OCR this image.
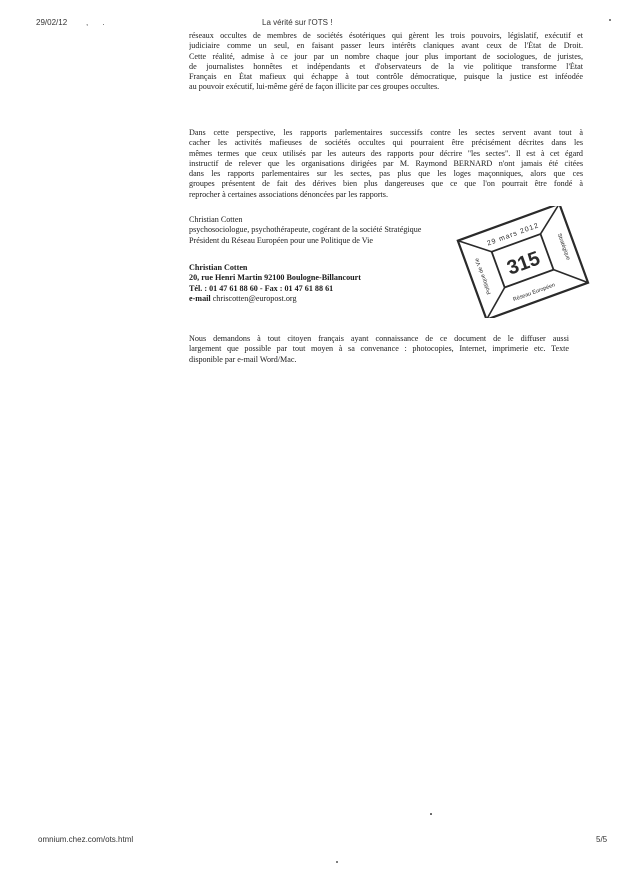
29/02/12 , .	La vérité sur l'OTS !
réseaux occultes de membres de sociétés ésotériques qui gèrent les trois pouvoirs, législatif, exécutif et
judiciaire comme un seul, en faisant passer leurs intérêts claniques avant ceux de l'État de Droit.
Cette réalité, admise à ce jour par un nombre chaque jour plus important de sociologues, de juristes,
de journalistes honnêtes et indépendants et d'observateurs de la vie politique transforme l'État
Français en État mafieux qui échappe à tout contrôle démocratique, puisque la justice est inféodée
au pouvoir exécutif, lui-même géré de façon illicite par ces groupes occultes.
Dans cette perspective, les rapports parlementaires successifs contre les sectes servent avant tout à
cacher les activités mafieuses de sociétés occultes qui pourraient être précisément décrites dans les
mêmes termes que ceux utilisés par les auteurs des rapports pour décrire "les sectes". Il est à cet égard
instructif de relever que les organisations dirigées par M. Raymond BERNARD n'ont jamais été citées
dans les rapports parlementaires sur les sectes, pas plus que les loges maçonniques, alors que ces
groupes présentent de fait des dérives bien plus dangereuses que ce que l'on pourrait être fondé à
reprocher à certaines associations dénoncées par les rapports.
Christian Cotten
psychosociologue, psychothérapeute, cogérant de la société Stratégique
Président du Réseau Européen pour une Politique de Vie
Christian Cotten
20, rue Henri Martin 92100 Boulogne-Billancourt
Tél. : 01 47 61 88 60 - Fax : 01 47 61 88 61
e-mail chriscotten@europost.org
29 mars 2012
315
Réseau Européen
Stratégique
Politique de Vie
Nous demandons à tout citoyen français ayant connaissance de ce document de le diffuser aussi
largement que possible par tout moyen à sa convenance : photocopies, Internet, imprimerie etc. Texte
disponible par e-mail Word/Mac.
omnium.chez.com/ots.html	5/5
